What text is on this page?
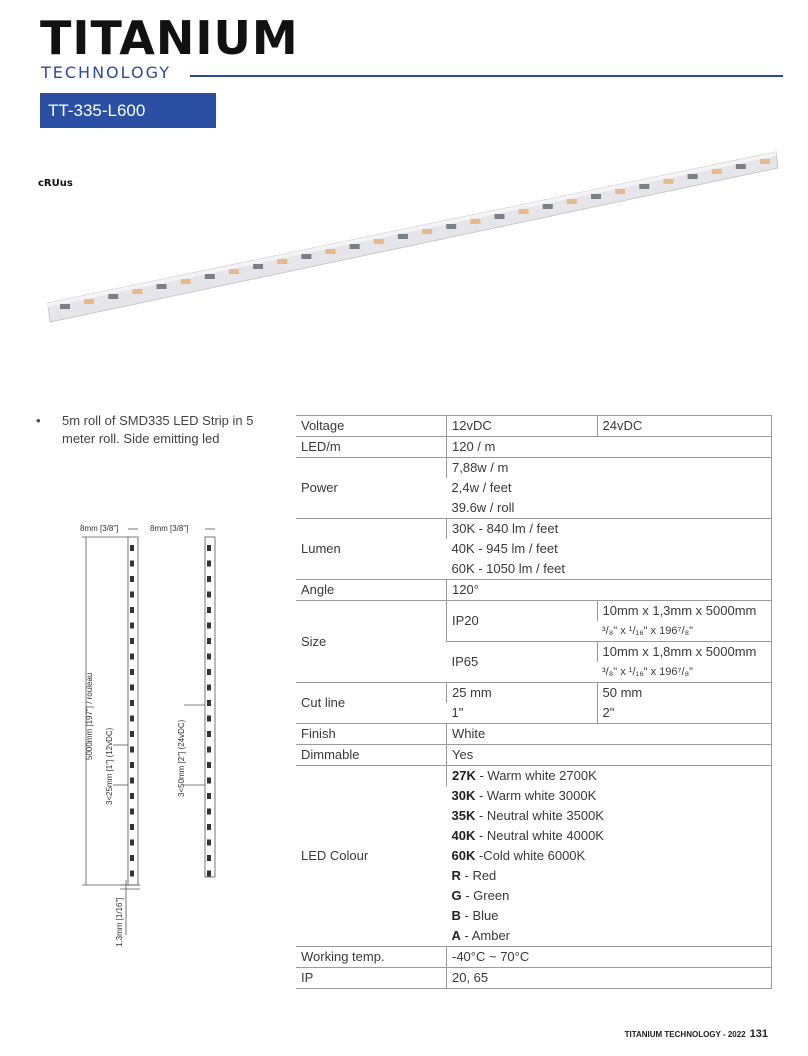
TITANIUM
TECHNOLOGY
TT-335-L600
cRUus
• 5m roll of SMD335 LED Strip in 5 meter roll. Side emitting led
8mm [3/8"]	8mm [3/8"]
5000mm [197"] / rouleau
3<25mm [1"] (12vDC)	3<50mm [2"] (24vDC)
1.3mm [1/16"]
Voltage	12vDC	24vDC
LED/m	120 / m	
Power	7,88w / m	
	2,4w / feet	
	39.6w / roll	
Lumen	30K - 840 lm / feet	
	40K - 945 lm / feet	
	60K - 1050 lm / feet	
Angle	120°	
Size	IP20	10mm x 1,3mm x 5000mm
		³/₈" x ¹/₁₆" x 196⁷/₈"
	IP65	10mm x 1,8mm x 5000mm
		³/₈" x ¹/₁₆" x 196⁷/₈"
Cut line	25 mm	50 mm
	1"	2"
Finish	White	
Dimmable	Yes	
LED Colour	27K - Warm white 2700K	
	30K - Warm white 3000K	
	35K - Neutral white 3500K	
	40K - Neutral white 4000K	
	60K -Cold white 6000K	
	R - Red	
	G - Green	
	B - Blue	
	A - Amber	
Working temp.	-40°C ~ 70°C	
IP	20, 65	
TITANIUM TECHNOLOGY - 2022 131
